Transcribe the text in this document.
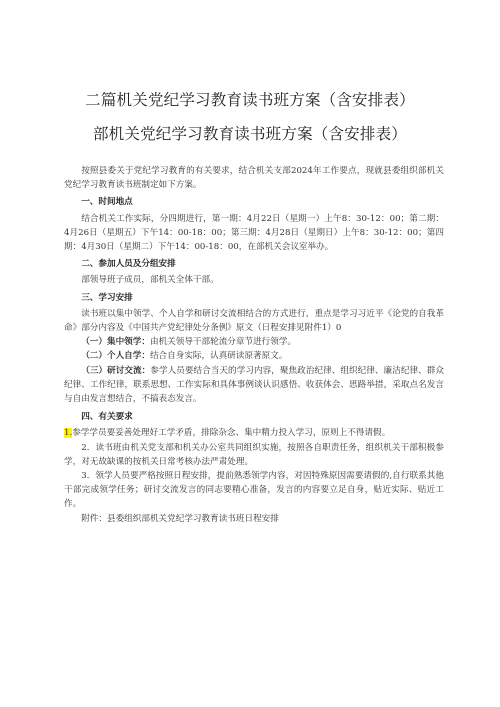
二篇机关党纪学习教育读书班方案（含安排表）
部机关党纪学习教育读书班方案（含安排表）

按照县委关于党纪学习教育的有关要求，结合机关支部2024年工作要点，现就县委组织部机关党纪学习教育读书班制定如下方案。

一、时间地点

结合机关工作实际，分四期进行，第一期：4月22日（星期一）上午8：30-12：00；第二期：4月26日（星期五）下午14：00-18：00；第三期：4月28日（星期日）上午8：30-12：00；第四期：4月30日（星期二）下午14：00-18：00，在部机关会议室举办。

二、参加人员及分组安排

部领导班子成员，部机关全体干部。

三、学习安排

读书班以集中领学、个人自学和研讨交流相结合的方式进行，重点是学习习近平《论党的自我革命》部分内容及《中国共产党纪律处分条例》原文（日程安排见附件1）0

（一）集中领学：由机关领导干部轮流分章节进行领学。

（二）个人自学：结合自身实际，认真研读原著原文。

（三）研讨交流：参学人员要结合当天的学习内容，聚焦政治纪律、组织纪律、廉洁纪律、群众纪律、工作纪律，联系思想、工作实际和具体事例谈认识感悟、收获体会、思路举措，采取点名发言与自由发言想结合，不搞表态发言。

四、有关要求

1.参学学员要妥善处理好工学矛盾，排除杂念、集中精力投入学习，原则上不得请假。

2．读书班由机关党支部和机关办公室共同组织实施，按照各自职责任务，组织机关干部积极参学，对无故缺课的按机关日常考核办法严肃处理。

3．领学人员要严格按照日程安排，提前熟悉领学内容，对因特殊原因需要请假的,自行联系其他干部完成领学任务；研讨交流发言的同志要精心准备，发言的内容要立足自身，贴近实际、贴近工作。

附件：县委组织部机关党纪学习教育读书班日程安排
